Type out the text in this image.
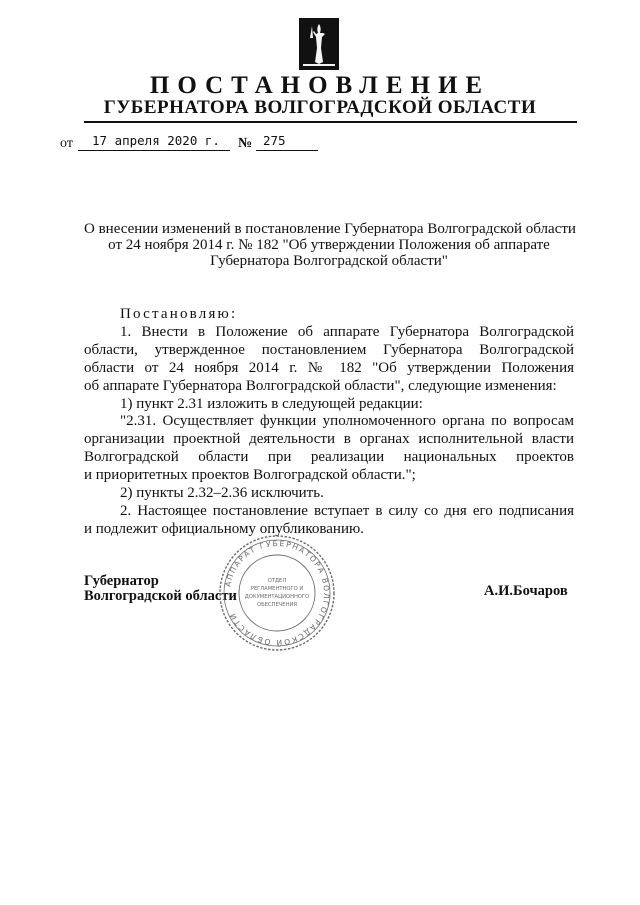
ПОСТАНОВЛЕНИЕ
ГУБЕРНАТОРА ВОЛГОГРАДСКОЙ ОБЛАСТИ
от 17 апреля 2020 г. № 275
О внесении изменений в постановление Губернатора Волгоградской области
от 24 ноября 2014 г. № 182 "Об утверждении Положения об аппарате
Губернатора Волгоградской области"
Постановляю:
1. Внести в Положение об аппарате Губернатора Волгоградской
области, утвержденное постановлением Губернатора Волгоградской
области от 24 ноября 2014 г. № 182 "Об утверждении Положения
об аппарате Губернатора Волгоградской области", следующие изменения:
1) пункт 2.31 изложить в следующей редакции:
"2.31. Осуществляет функции уполномоченного органа по вопросам
организации проектной деятельности в органах исполнительной власти
Волгоградской области при реализации национальных проектов
и приоритетных проектов Волгоградской области.";
2) пункты 2.32–2.36 исключить.
2. Настоящее постановление вступает в силу со дня его подписания
и подлежит официальному опубликованию.
Губернатор
Волгоградской области	А.И.Бочаров
АППАРАТ ГУБЕРНАТОРА ВОЛГОГРАДСКОЙ ОБЛАСТИ
ОТДЕЛ
РЕГЛАМЕНТНОГО И
ДОКУМЕНТАЦИОННОГО
ОБЕСПЕЧЕНИЯ
